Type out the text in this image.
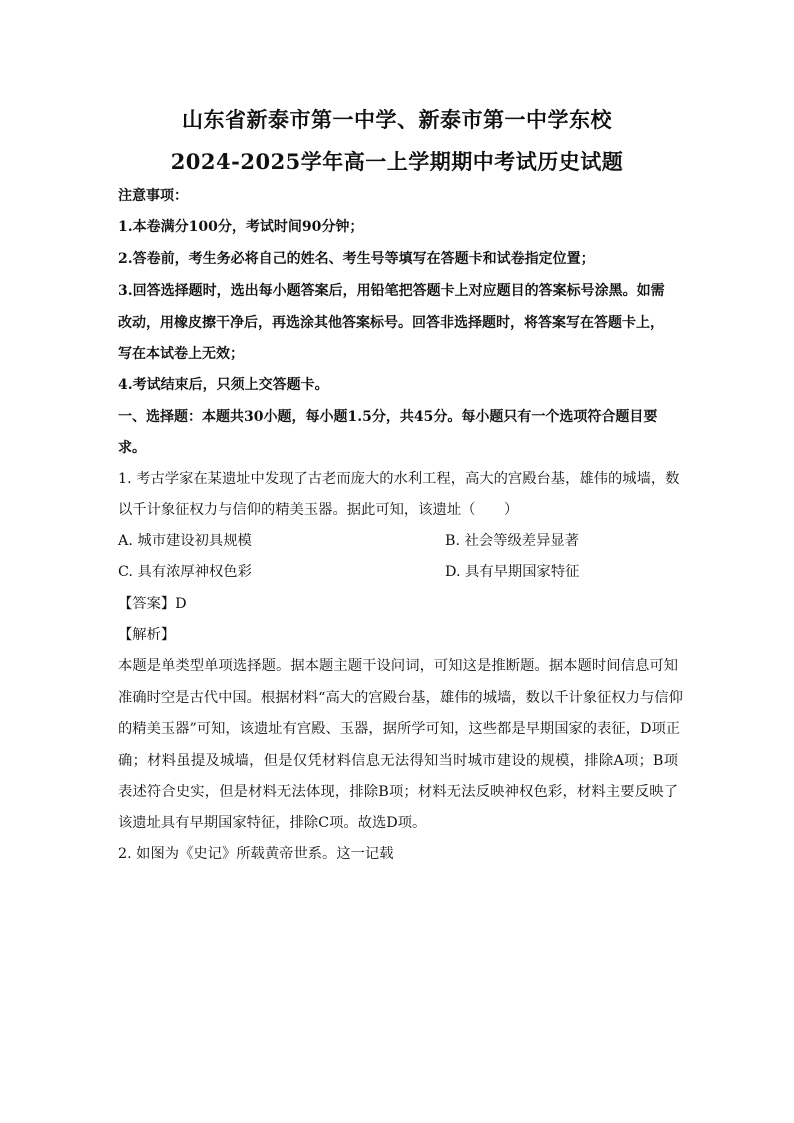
山东省新泰市第一中学、新泰市第一中学东校
2024-2025学年高一上学期期中考试历史试题
注意事项：
1.本卷满分100分，考试时间90分钟；
2.答卷前，考生务必将自己的姓名、考生号等填写在答题卡和试卷指定位置；
3.回答选择题时，选出每小题答案后，用铅笔把答题卡上对应题目的答案标号涂黑。如需
改动，用橡皮擦干净后，再选涂其他答案标号。回答非选择题时，将答案写在答题卡上，
写在本试卷上无效；
4.考试结束后，只须上交答题卡。
一、选择题：本题共30小题，每小题1.5分，共45分。每小题只有一个选项符合题目要
求。
1. 考古学家在某遗址中发现了古老而庞大的水利工程，高大的宫殿台基，雄伟的城墙，数
以千计象征权力与信仰的精美玉器。据此可知，该遗址（　　）
A. 城市建设初具规模	B. 社会等级差异显著
C. 具有浓厚神权色彩	D. 具有早期国家特征
【答案】D
【解析】
本题是单类型单项选择题。据本题主题干设问词，可知这是推断题。据本题时间信息可知
准确时空是古代中国。根据材料“高大的宫殿台基，雄伟的城墙，数以千计象征权力与信仰
的精美玉器”可知，该遗址有宫殿、玉器，据所学可知，这些都是早期国家的表征，D项正
确；材料虽提及城墙，但是仅凭材料信息无法得知当时城市建设的规模，排除A项；B项
表述符合史实，但是材料无法体现，排除B项；材料无法反映神权色彩，材料主要反映了
该遗址具有早期国家特征，排除C项。故选D项。
2. 如图为《史记》所载黄帝世系。这一记载
